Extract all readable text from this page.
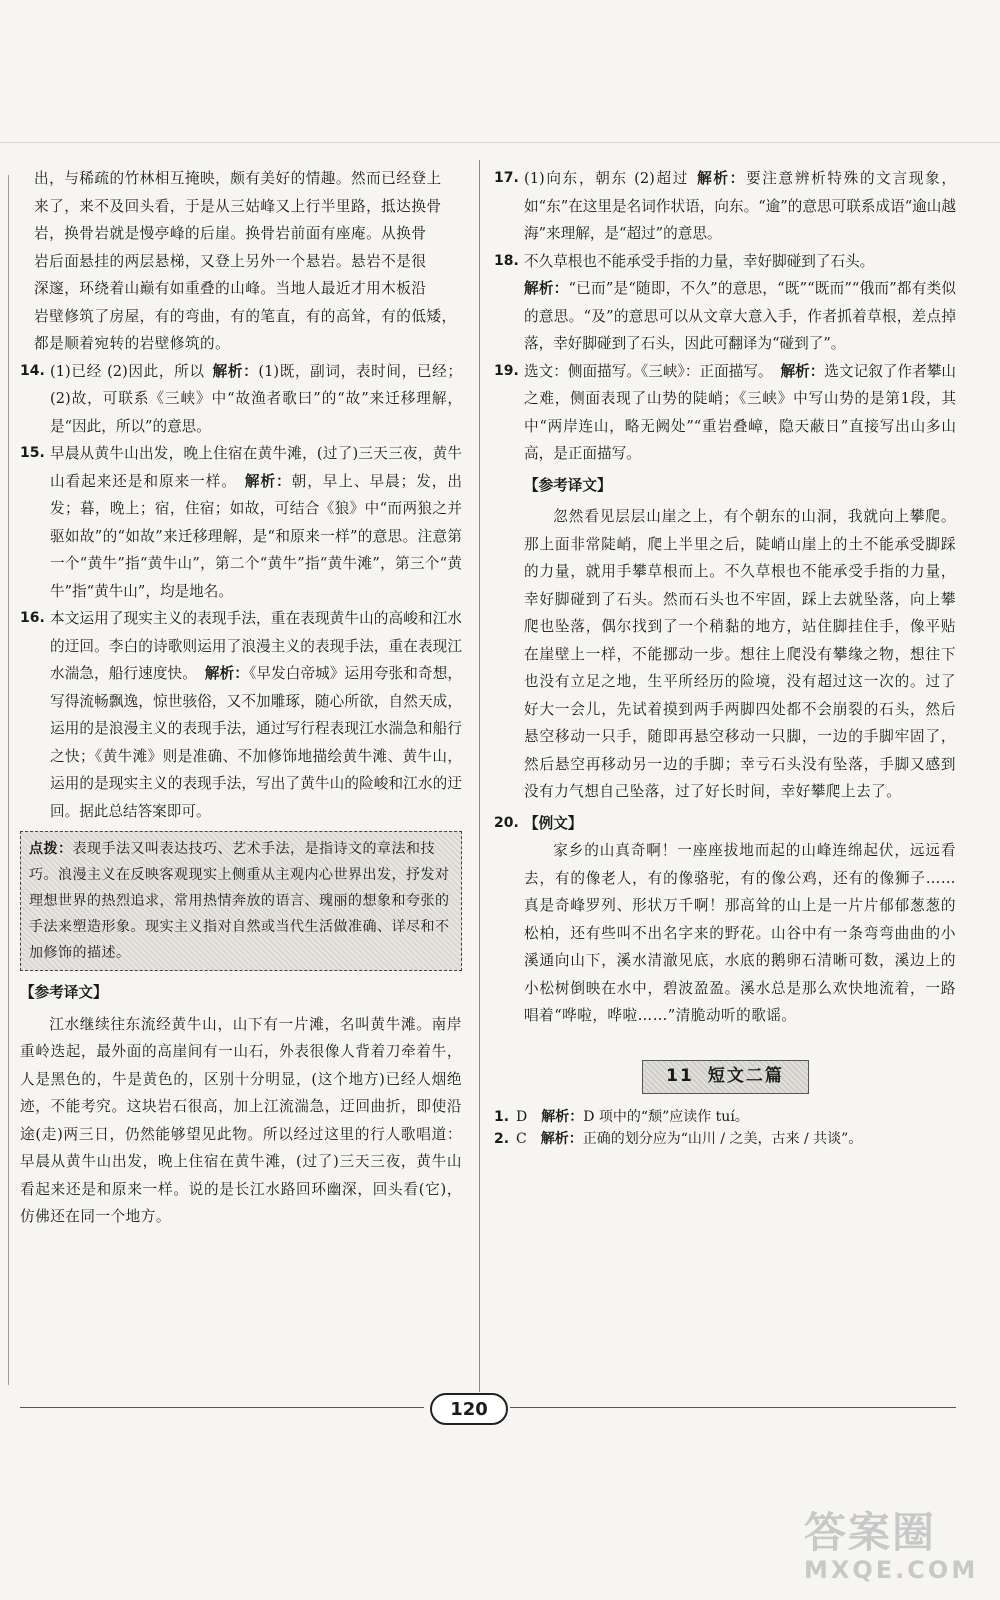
出，与稀疏的竹林相互掩映，颇有美好的情趣。然而已经登上

来了，来不及回头看，于是从三姑峰又上行半里路，抵达换骨

岩，换骨岩就是慢亭峰的后崖。换骨岩前面有座庵。从换骨

岩后面悬挂的两层悬梯，又登上另外一个悬岩。悬岩不是很

深邃，环绕着山巅有如重叠的山峰。当地人最近才用木板沿

岩壁修筑了房屋，有的弯曲，有的笔直，有的高耸，有的低矮，

都是顺着宛转的岩壁修筑的。

14. (1)已经 (2)因此，所以 解析：(1)既，副词，表时间，已经；(2)故，可联系《三峡》中“故渔者歌曰”的“故”来迁移理解，是“因此，所以”的意思。
15. 早晨从黄牛山出发，晚上住宿在黄牛滩，(过了)三天三夜，黄牛山看起来还是和原来一样。 解析：朝，早上、早晨；发，出发；暮，晚上；宿，住宿；如故，可结合《狼》中“而两狼之并驱如故”的“如故”来迁移理解，是“和原来一样”的意思。注意第一个“黄牛”指“黄牛山”，第二个“黄牛”指“黄牛滩”，第三个“黄牛”指“黄牛山”，均是地名。
16. 本文运用了现实主义的表现手法，重在表现黄牛山的高峻和江水的迂回。李白的诗歌则运用了浪漫主义的表现手法，重在表现江水湍急，船行速度快。 解析：《早发白帝城》运用夸张和奇想，写得流畅飘逸，惊世骇俗，又不加雕琢，随心所欲，自然天成，运用的是浪漫主义的表现手法，通过写行程表现江水湍急和船行之快；《黄牛滩》则是准确、不加修饰地描绘黄牛滩、黄牛山，运用的是现实主义的表现手法，写出了黄牛山的险峻和江水的迂回。据此总结答案即可。
点拨：表现手法又叫表达技巧、艺术手法，是指诗文的章法和技巧。浪漫主义在反映客观现实上侧重从主观内心世界出发，抒发对理想世界的热烈追求，常用热情奔放的语言、瑰丽的想象和夸张的手法来塑造形象。现实主义指对自然或当代生活做准确、详尽和不加修饰的描述。
【参考译文】

江水继续往东流经黄牛山，山下有一片滩，名叫黄牛滩。南岸重岭迭起，最外面的高崖间有一山石，外表很像人背着刀牵着牛，人是黑色的，牛是黄色的，区别十分明显，(这个地方)已经人烟绝迹，不能考究。这块岩石很高，加上江流湍急，迂回曲折，即使沿途(走)两三日，仍然能够望见此物。所以经过这里的行人歌唱道：早晨从黄牛山出发，晚上住宿在黄牛滩，(过了)三天三夜，黄牛山看起来还是和原来一样。说的是长江水路回环幽深，回头看(它)，仿佛还在同一个地方。

17. (1)向东，朝东 (2)超过 解析：要注意辨析特殊的文言现象，如“东”在这里是名词作状语，向东。“逾”的意思可联系成语“逾山越海”来理解，是“超过”的意思。
18. 不久草根也不能承受手指的力量，幸好脚碰到了石头。

解析：“已而”是“随即，不久”的意思，“既”“既而”“俄而”都有类似的意思。“及”的意思可以从文章大意入手，作者抓着草根，差点掉落，幸好脚碰到了石头，因此可翻译为“碰到了”。

19. 选文：侧面描写。《三峡》：正面描写。 解析：选文记叙了作者攀山之难，侧面表现了山势的陡峭；《三峡》中写山势的是第1段，其中“两岸连山，略无阙处”“重岩叠嶂，隐天蔽日”直接写出山多山高，是正面描写。
【参考译文】

忽然看见层层山崖之上，有个朝东的山洞，我就向上攀爬。那上面非常陡峭，爬上半里之后，陡峭山崖上的土不能承受脚踩的力量，就用手攀草根而上。不久草根也不能承受手指的力量，幸好脚碰到了石头。然而石头也不牢固，踩上去就坠落，向上攀爬也坠落，偶尔找到了一个稍黏的地方，站住脚挂住手，像平贴在崖壁上一样，不能挪动一步。想往上爬没有攀缘之物，想往下也没有立足之地，生平所经历的险境，没有超过这一次的。过了好大一会儿，先试着摸到两手两脚四处都不会崩裂的石头，然后悬空移动一只手，随即再悬空移动一只脚，一边的手脚牢固了，然后悬空再移动另一边的手脚；幸亏石头没有坠落，手脚又感到没有力气想自己坠落，过了好长时间，幸好攀爬上去了。

20. 【例文】

家乡的山真奇啊！一座座拔地而起的山峰连绵起伏，远远看去，有的像老人，有的像骆驼，有的像公鸡，还有的像狮子……真是奇峰罗列、形状万千啊！那高耸的山上是一片片郁郁葱葱的松柏，还有些叫不出名字来的野花。山谷中有一条弯弯曲曲的小溪通向山下，溪水清澈见底，水底的鹅卵石清晰可数，溪边上的小松树倒映在水中，碧波盈盈。溪水总是那么欢快地流着，一路唱着“哗啦，哗啦……”清脆动听的歌谣。

11 短文二篇
1. D 解析： D 项中的“颓”应读作 tuí。
2. C 解析： 正确的划分应为“山川 / 之美，古来 / 共谈”。
120
答案圈
MXQE.COM
